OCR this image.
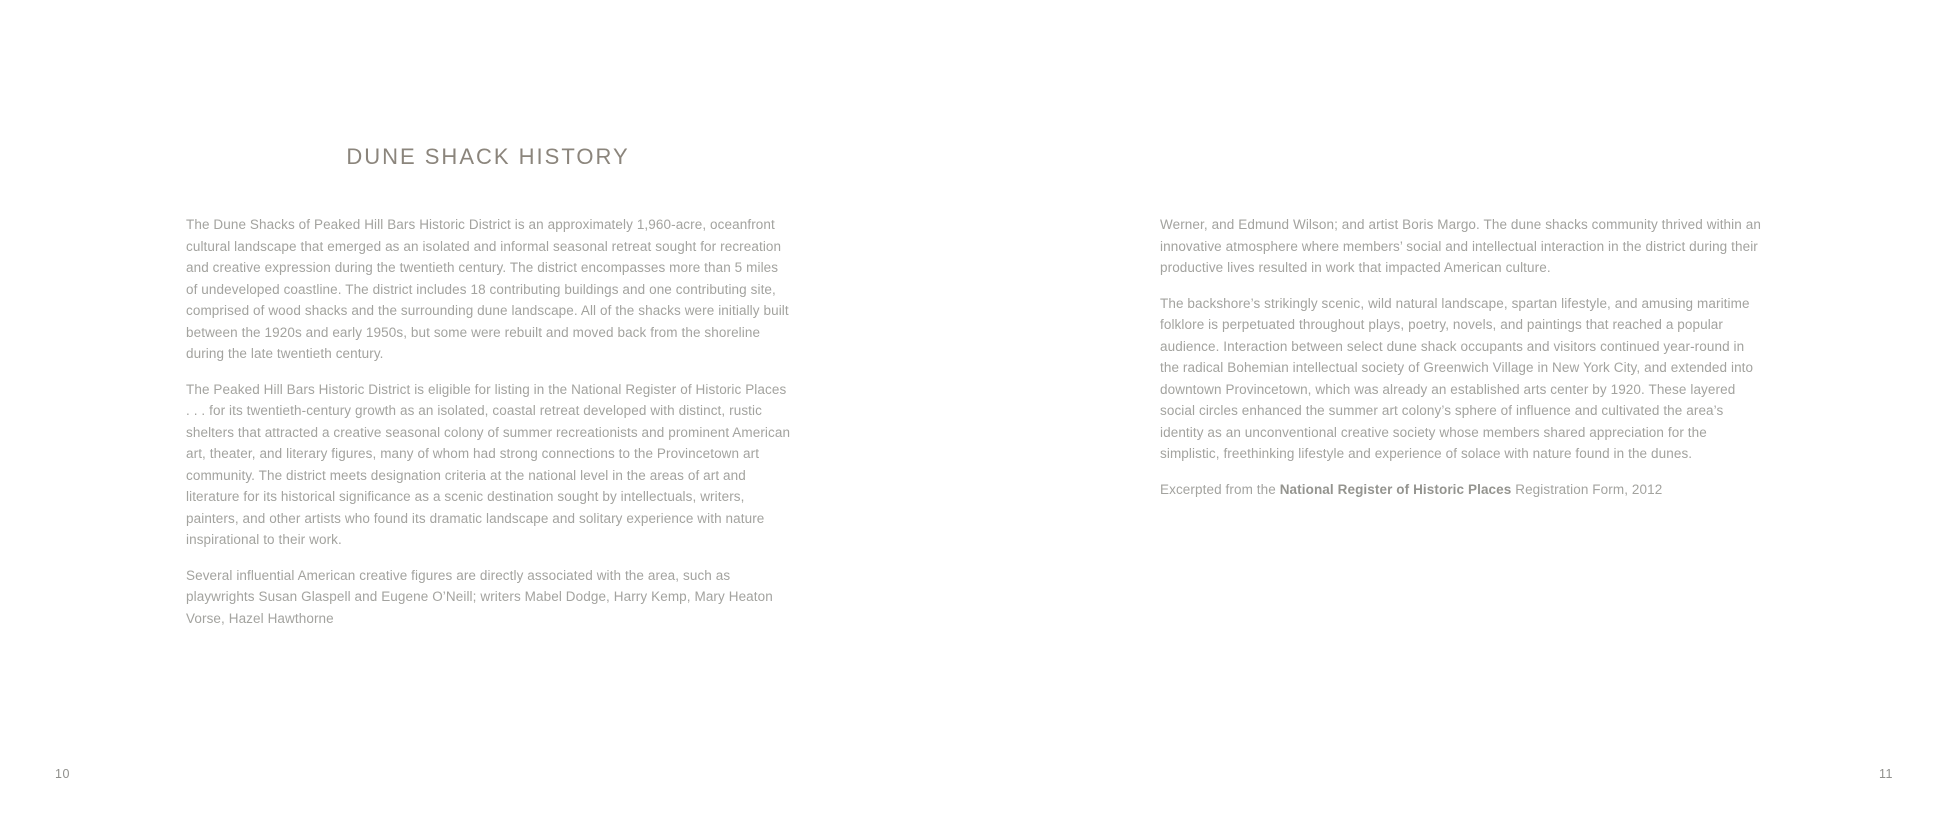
DUNE SHACK HISTORY

The Dune Shacks of Peaked Hill Bars Historic District is an approximately 1,960-acre, oceanfront cultural landscape that emerged as an isolated and informal seasonal retreat sought for recreation and creative expression during the twentieth century. The district encompasses more than 5 miles of undeveloped coastline. The district includes 18 contributing buildings and one contributing site, comprised of wood shacks and the surrounding dune landscape. All of the shacks were initially built between the 1920s and early 1950s, but some were rebuilt and moved back from the shoreline during the late twentieth century.

The Peaked Hill Bars Historic District is eligible for listing in the National Register of Historic Places . . . for its twentieth-century growth as an isolated, coastal retreat developed with distinct, rustic shelters that attracted a creative seasonal colony of summer recreationists and prominent American art, theater, and literary figures, many of whom had strong connections to the Provincetown art community. The district meets designation criteria at the national level in the areas of art and literature for its historical significance as a scenic destination sought by intellectuals, writers, painters, and other artists who found its dramatic landscape and solitary experience with nature inspirational to their work.

Several influential American creative figures are directly associated with the area, such as playwrights Susan Glaspell and Eugene O’Neill; writers Mabel Dodge, Harry Kemp, Mary Heaton Vorse, Hazel Hawthorne

10

Werner, and Edmund Wilson; and artist Boris Margo. The dune shacks community thrived within an innovative atmosphere where members’ social and intellectual interaction in the district during their productive lives resulted in work that impacted American culture.

The backshore’s strikingly scenic, wild natural landscape, spartan lifestyle, and amusing maritime folklore is perpetuated throughout plays, poetry, novels, and paintings that reached a popular audience. Interaction between select dune shack occupants and visitors continued year-round in the radical Bohemian intellectual society of Greenwich Village in New York City, and extended into downtown Provincetown, which was already an established arts center by 1920. These layered social circles enhanced the summer art colony’s sphere of influence and cultivated the area’s identity as an unconventional creative society whose members shared appreciation for the simplistic, freethinking lifestyle and experience of solace with nature found in the dunes.

Excerpted from the National Register of Historic Places Registration Form, 2012

11
